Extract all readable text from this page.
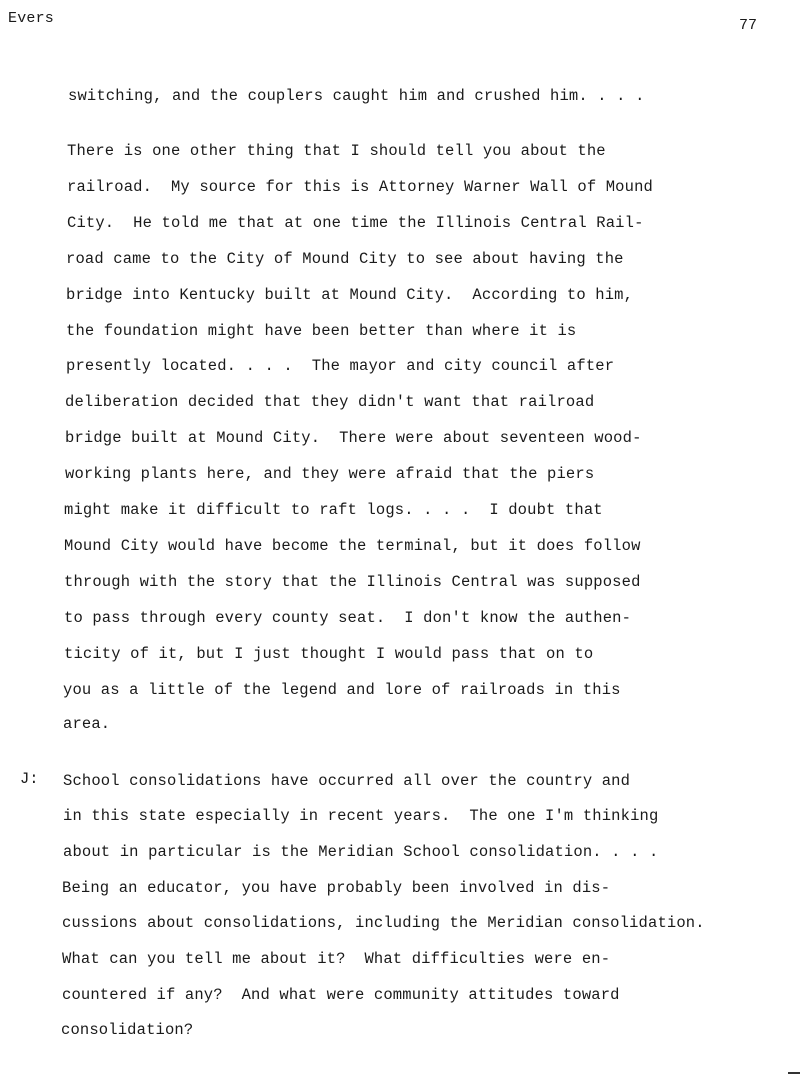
Evers	77
switching, and the couplers caught him and crushed him. . . .
There is one other thing that I should tell you about the
railroad.  My source for this is Attorney Warner Wall of Mound
City.  He told me that at one time the Illinois Central Rail-
road came to the City of Mound City to see about having the
bridge into Kentucky built at Mound City.  According to him,
the foundation might have been better than where it is
presently located. . . .  The mayor and city council after
deliberation decided that they didn't want that railroad
bridge built at Mound City.  There were about seventeen wood-
working plants here, and they were afraid that the piers
might make it difficult to raft logs. . . .  I doubt that
Mound City would have become the terminal, but it does follow
through with the story that the Illinois Central was supposed
to pass through every county seat.  I don't know the authen-
ticity of it, but I just thought I would pass that on to
you as a little of the legend and lore of railroads in this
area.
J: School consolidations have occurred all over the country and
in this state especially in recent years.  The one I'm thinking
about in particular is the Meridian School consolidation. . . .
Being an educator, you have probably been involved in dis-
cussions about consolidations, including the Meridian consolidation.
What can you tell me about it?  What difficulties were en-
countered if any?  And what were community attitudes toward
consolidation?
